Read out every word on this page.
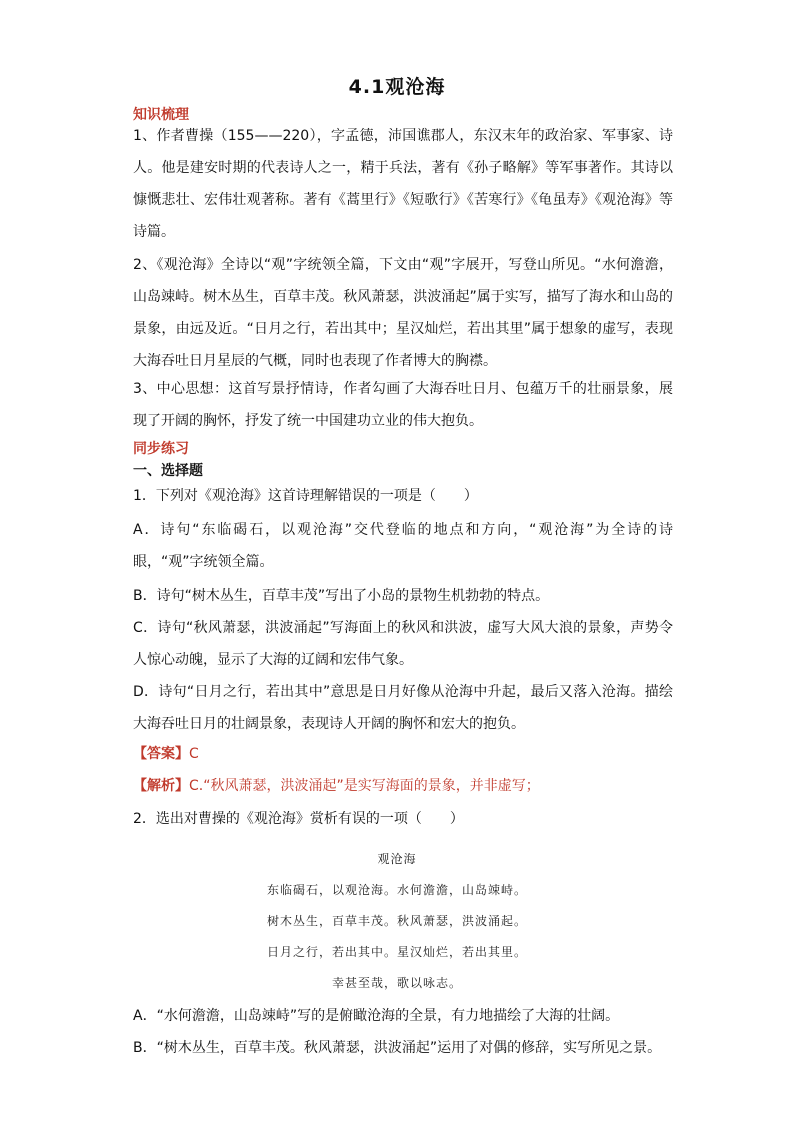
4.1观沧海
知识梳理

1、作者曹操（155——220），字孟德，沛国谯郡人，东汉末年的政治家、军事家、诗人。他是建安时期的代表诗人之一，精于兵法，著有《孙子略解》等军事著作。其诗以慷慨悲壮、宏伟壮观著称。著有《蒿里行》《短歌行》《苦寒行》《龟虽寿》《观沧海》等诗篇。

2、《观沧海》全诗以“观”字统领全篇，下文由“观”字展开，写登山所见。“水何澹澹，山岛竦峙。树木丛生，百草丰茂。秋风萧瑟，洪波涌起”属于实写，描写了海水和山岛的景象，由远及近。“日月之行，若出其中；星汉灿烂，若出其里”属于想象的虚写，表现大海吞吐日月星辰的气概，同时也表现了作者博大的胸襟。

3、中心思想：这首写景抒情诗，作者勾画了大海吞吐日月、包蕴万千的壮丽景象，展现了开阔的胸怀，抒发了统一中国建功立业的伟大抱负。

同步练习
一、选择题

1．下列对《观沧海》这首诗理解错误的一项是（　　）

A．诗句“东临碣石，以观沧海”交代登临的地点和方向，“观沧海”为全诗的诗眼，“观”字统领全篇。

B．诗句“树木丛生，百草丰茂”写出了小岛的景物生机勃勃的特点。

C．诗句“秋风萧瑟，洪波涌起”写海面上的秋风和洪波，虚写大风大浪的景象，声势令人惊心动魄，显示了大海的辽阔和宏伟气象。

D．诗句“日月之行，若出其中”意思是日月好像从沧海中升起，最后又落入沧海。描绘大海吞吐日月的壮阔景象，表现诗人开阔的胸怀和宏大的抱负。

【答案】C

【解析】C.“秋风萧瑟，洪波涌起”是实写海面的景象，并非虚写；

2．选出对曹操的《观沧海》赏析有误的一项（　　）

观沧海
东临碣石，以观沧海。水何澹澹，山岛竦峙。
树木丛生，百草丰茂。秋风萧瑟，洪波涌起。
日月之行，若出其中。星汉灿烂，若出其里。
幸甚至哉，歌以咏志。

A．“水何澹澹，山岛竦峙”写的是俯瞰沧海的全景，有力地描绘了大海的壮阔。

B．“树木丛生，百草丰茂。秋风萧瑟，洪波涌起”运用了对偶的修辞，实写所见之景。
